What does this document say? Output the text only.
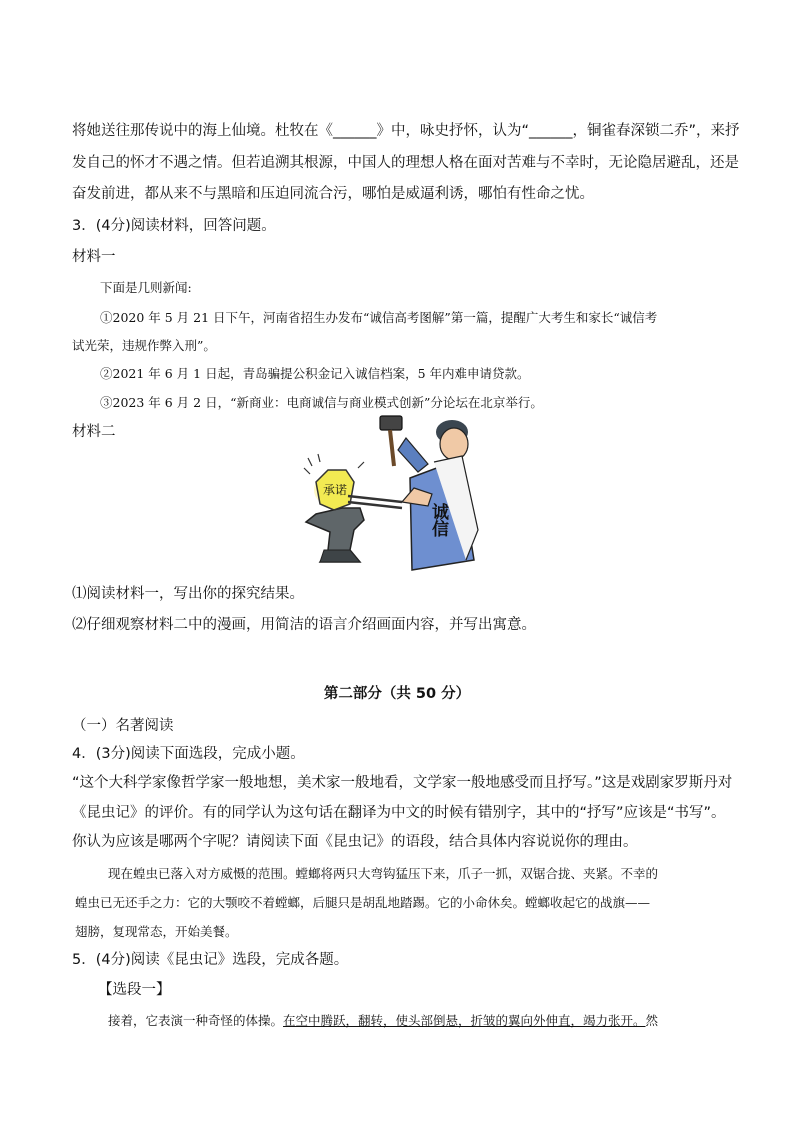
将她送往那传说中的海上仙境。杜牧在《______》中，咏史抒怀，认为“______，铜雀春深锁二乔”，来抒
发自己的怀才不遇之情。但若追溯其根源，中国人的理想人格在面对苦难与不幸时，无论隐居避乱，还是
奋发前进，都从来不与黑暗和压迫同流合污，哪怕是威逼利诱，哪怕有性命之忧。
3．(4分)阅读材料，回答问题。
材料一
下面是几则新闻:
①2020 年 5 月 21 日下午，河南省招生办发布“诚信高考图解”第一篇，提醒广大考生和家长“诚信考
试光荣，违规作弊入刑”。
②2021 年 6 月 1 日起，青岛骗提公积金记入诚信档案，5 年内难申请贷款。
③2023 年 6 月 2 日，“新商业：电商诚信与商业模式创新”分论坛在北京举行。
材料二
承诺
诚信
⑴阅读材料一，写出你的探究结果。
⑵仔细观察材料二中的漫画，用简洁的语言介绍画面内容，并写出寓意。
第二部分（共 50 分）
（一）名著阅读
4．(3分)阅读下面选段，完成小题。
“这个大科学家像哲学家一般地想，美术家一般地看，文学家一般地感受而且抒写。”这是戏剧家罗斯丹对
《昆虫记》的评价。有的同学认为这句话在翻译为中文的时候有错别字，其中的“抒写”应该是“书写”。
你认为应该是哪两个字呢？请阅读下面《昆虫记》的语段，结合具体内容说说你的理由。
现在蝗虫已落入对方威慑的范围。螳螂将两只大弯钩猛压下来，爪子一抓，双锯合拢、夹紧。不幸的
蝗虫已无还手之力：它的大颚咬不着螳螂，后腿只是胡乱地踏踢。它的小命休矣。螳螂收起它的战旗——
翅膀，复现常态，开始美餐。
5．(4分)阅读《昆虫记》选段，完成各题。
【选段一】
接着，它表演一种奇怪的体操。在空中腾跃，翻转，使头部倒悬，折皱的翼向外伸直，竭力张开。然
